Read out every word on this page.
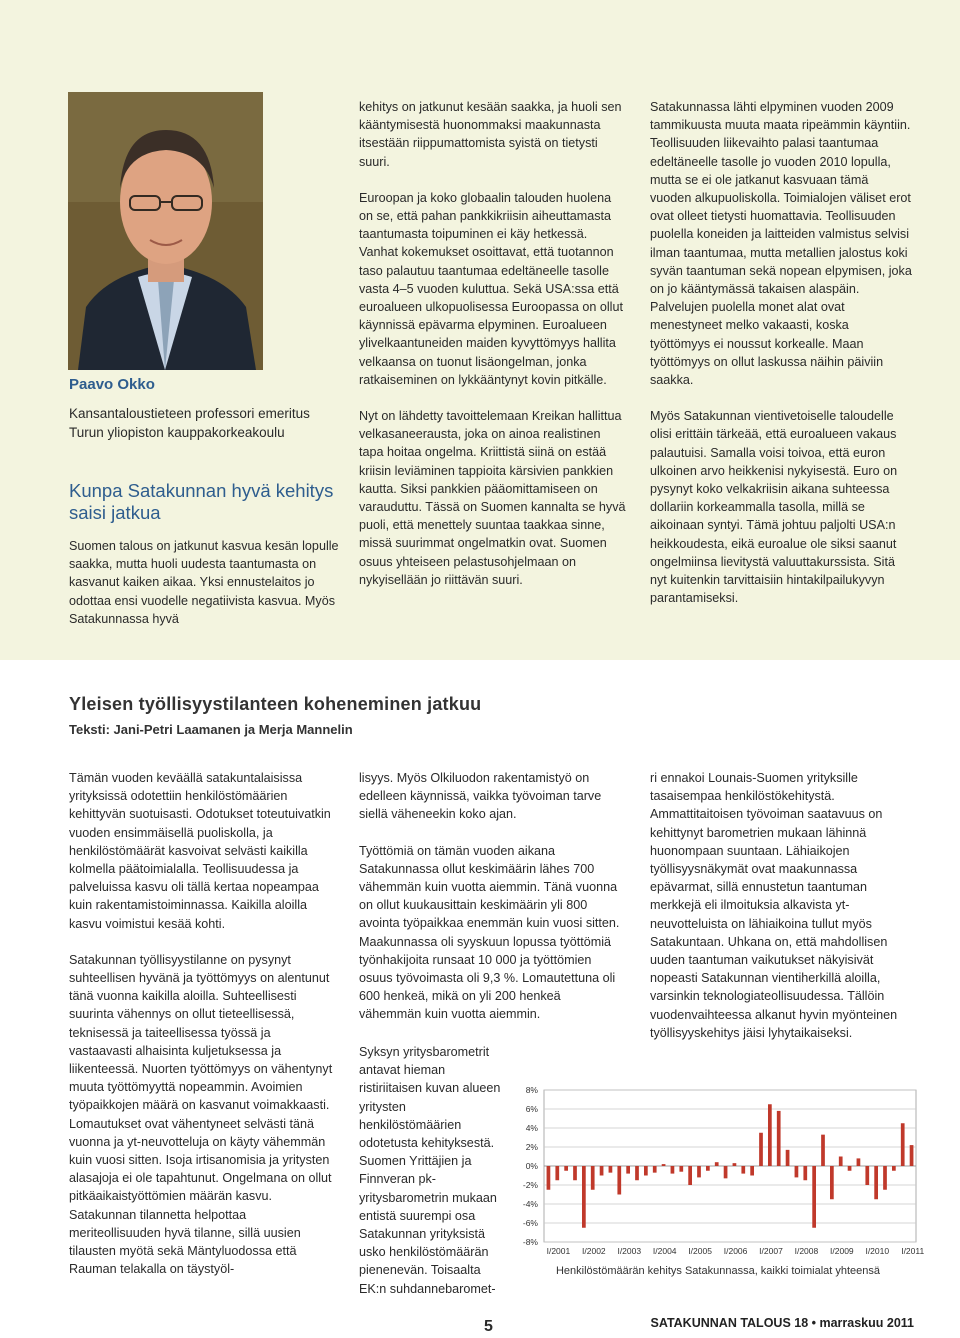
Paavo Okko
Kansantaloustieteen professori emeritus Turun yliopiston kauppakorkeakoulu
Kunpa Satakunnan hyvä kehitys saisi jatkua

Suomen talous on jatkunut kasvua kesän lopulle saakka, mutta huoli uudesta taantumasta on kasvanut kaiken aikaa. Yksi ennustelaitos jo odottaa ensi vuodelle negatiivista kasvua. Myös Satakunnassa hyvä

kehitys on jatkunut kesään saakka, ja huoli sen kääntymisestä huonommaksi maakunnasta itsestään riippumattomista syistä on tietysti suuri.

Euroopan ja koko globaalin talouden huolena on se, että pahan pankkikriisin aiheuttamasta taantumasta toipuminen ei käy hetkessä. Vanhat kokemukset osoittavat, että tuotannon taso palautuu taantumaa edeltäneelle tasolle vasta 4–5 vuoden kuluttua. Sekä USA:ssa että euroalueen ulkopuolisessa Euroopassa on ollut käynnissä epävarma elpyminen. Euroalueen ylivelkaantuneiden maiden kyvyttömyys hallita velkaansa on tuonut lisäongelman, jonka ratkaiseminen on lykkääntynyt kovin pitkälle.

Nyt on lähdetty tavoittelemaan Kreikan hallittua velkasaneerausta, joka on ainoa realistinen tapa hoitaa ongelma. Kriittistä siinä on estää kriisin leviäminen tappioita kärsivien pankkien kautta. Siksi pankkien pääomittamiseen on varauduttu. Tässä on Suomen kannalta se hyvä puoli, että menettely suuntaa taakkaa sinne, missä suurimmat ongelmatkin ovat. Suomen osuus yhteiseen pelastusohjelmaan on nykyisellään jo riittävän suuri.

Satakunnassa lähti elpyminen vuoden 2009 tammikuusta muuta maata ripeämmin käyntiin. Teollisuuden liikevaihto palasi taantumaa edeltäneelle tasolle jo vuoden 2010 lopulla, mutta se ei ole jatkanut kasvuaan tämä vuoden alkupuoliskolla. Toimialojen väliset erot ovat olleet tietysti huomattavia. Teollisuuden puolella koneiden ja laitteiden valmistus selvisi ilman taantumaa, mutta metallien jalostus koki syvän taantuman sekä nopean elpymisen, joka on jo kääntymässä takaisen alaspäin. Palvelujen puolella monet alat ovat menestyneet melko vakaasti, koska työttömyys ei noussut korkealle. Maan työttömyys on ollut laskussa näihin päiviin saakka.

Myös Satakunnan vientivetoiselle taloudelle olisi erittäin tärkeää, että euroalueen vakaus palautuisi. Samalla voisi toivoa, että euron ulkoinen arvo heikkenisi nykyisestä. Euro on pysynyt koko velkakriisin aikana suhteessa dollariin korkeammalla tasolla, millä se aikoinaan syntyi. Tämä johtuu paljolti USA:n heikkoudesta, eikä euroalue ole siksi saanut ongelmiinsa lievitystä valuuttakurssista. Sitä nyt kuitenkin tarvittaisiin hintakilpailukyvyn parantamiseksi.

Yleisen työllisyystilanteen koheneminen jatkuu
Teksti: Jani-Petri Laamanen ja Merja Mannelin

Tämän vuoden keväällä satakuntalaisissa yrityksissä odotettiin henkilöstömäärien kehittyvän suotuisasti. Odotukset toteutuivatkin vuoden ensimmäisellä puoliskolla, ja henkilöstömäärät kasvoivat selvästi kaikilla kolmella päätoimialalla. Teollisuudessa ja palveluissa kasvu oli tällä kertaa nopeampaa kuin rakentamistoiminnassa. Kaikilla aloilla kasvu voimistui kesää kohti.

Satakunnan työllisyystilanne on pysynyt suhteellisen hyvänä ja työttömyys on alentunut tänä vuonna kaikilla aloilla. Suhteellisesti suurinta vähennys on ollut tieteellisessä, teknisessä ja taiteellisessa työssä ja vastaavasti alhaisinta kuljetuksessa ja liikenteessä. Nuorten työttömyys on vähentynyt muuta työttömyyttä nopeammin. Avoimien työpaikkojen määrä on kasvanut voimakkaasti. Lomautukset ovat vähentyneet selvästi tänä vuonna ja yt-neuvotteluja on käyty vähemmän kuin vuosi sitten. Isoja irtisanomisia ja yritysten alasajoja ei ole tapahtunut. Ongelmana on ollut pitkäaikaistyöttömien määrän kasvu. Satakunnan tilannetta helpottaa meriteollisuuden hyvä tilanne, sillä uusien tilausten myötä sekä Mäntyluodossa että Rauman telakalla on täystyöl-

lisyys. Myös Olkiluodon rakentamistyö on edelleen käynnissä, vaikka työvoiman tarve siellä väheneekin koko ajan.

Työttömiä on tämän vuoden aikana Satakunnassa ollut keskimäärin lähes 700 vähemmän kuin vuotta aiemmin. Tänä vuonna on ollut kuukausittain keskimäärin yli 800 avointa työpaikkaa enemmän kuin vuosi sitten. Maakunnassa oli syyskuun lopussa työttömiä työnhakijoita runsaat 10 000 ja työttömien osuus työvoimasta oli 9,3 %. Lomautettuna oli 600 henkeä, mikä on yli 200 henkeä vähemmän kuin vuotta aiemmin.

Syksyn yritysbarometrit antavat hieman ristiriitaisen kuvan alueen yritysten henkilöstömäärien odotetusta kehityksestä. Suomen Yrittäjien ja Finnveran pk-yritysbarometrin mukaan entistä suurempi osa Satakunnan yrityksistä usko henkilöstömäärän pienenevän. Toisaalta EK:n suhdannebaromet-

ri ennakoi Lounais-Suomen yrityksille tasaisempaa henkilöstökehitystä. Ammattitaitoisen työvoiman saatavuus on kehittynyt barometrien mukaan lähinnä huonompaan suuntaan. Lähiaikojen työllisyysnäkymät ovat maakunnassa epävarmat, sillä ennustetun taantuman merkkejä eli ilmoituksia alkavista yt-neuvotteluista on lähiaikoina tullut myös Satakuntaan. Uhkana on, että mahdollisen uuden taantuman vaikutukset näkyisivät nopeasti Satakunnan vientiherkillä aloilla, varsinkin teknologiateollisuudessa. Tällöin vuodenvaihteessa alkanut hyvin myönteinen työllisyyskehitys jäisi lyhytaikaiseksi.

8%
6%
4%
2%
0%
-2%
-4%
-6%
-8%
I/2001 I/2002 I/2003 I/2004 I/2005 I/2006 I/2007 I/2008 I/2009 I/2010 I/2011
Henkilöstömäärän kehitys Satakunnassa, kaikki toimialat yhteensä
5	SATAKUNNAN TALOUS 18 • marraskuu 2011
